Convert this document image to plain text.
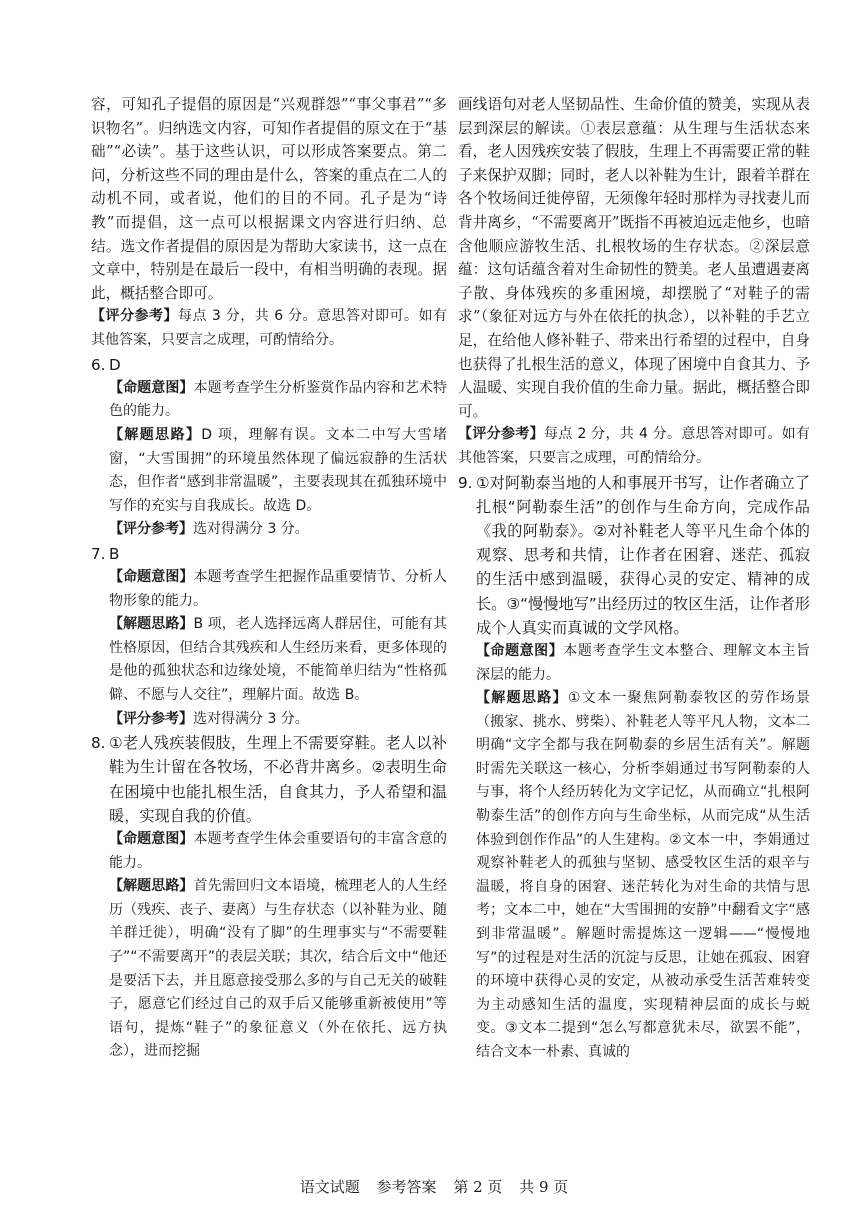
容，可知孔子提倡的原因是“兴观群怨”“事父事君”“多识物名”。归纳选文内容，可知作者提倡的原文在于“基础”“必读”。基于这些认识，可以形成答案要点。第二问，分析这些不同的理由是什么，答案的重点在二人的动机不同，或者说，他们的目的不同。孔子是为“诗教”而提倡，这一点可以根据课文内容进行归纳、总结。选文作者提倡的原因是为帮助大家读书，这一点在文章中，特别是在最后一段中，有相当明确的表现。据此，概括整合即可。

【评分参考】每点 3 分，共 6 分。意思答对即可。如有其他答案，只要言之成理，可酌情给分。

6. D

【命题意图】本题考查学生分析鉴赏作品内容和艺术特色的能力。

【解题思路】D 项，理解有误。文本二中写大雪堵窗，“大雪围拥”的环境虽然体现了偏远寂静的生活状态，但作者“感到非常温暖”，主要表现其在孤独环境中写作的充实与自我成长。故选 D。

【评分参考】选对得满分 3 分。

7. B

【命题意图】本题考查学生把握作品重要情节、分析人物形象的能力。

【解题思路】B 项，老人选择远离人群居住，可能有其性格原因，但结合其残疾和人生经历来看，更多体现的是他的孤独状态和边缘处境，不能简单归结为“性格孤僻、不愿与人交往”，理解片面。故选 B。

【评分参考】选对得满分 3 分。

8. ①老人残疾装假肢，生理上不需要穿鞋。老人以补鞋为生计留在各牧场，不必背井离乡。②表明生命在困境中也能扎根生活，自食其力，予人希望和温暖，实现自我的价值。

【命题意图】本题考查学生体会重要语句的丰富含意的能力。

【解题思路】首先需回归文本语境，梳理老人的人生经历（残疾、丧子、妻离）与生存状态（以补鞋为业、随羊群迁徙），明确“没有了脚”的生理事实与“不需要鞋子”“不需要离开”的表层关联；其次，结合后文中“他还是要活下去，并且愿意接受那么多的与自己无关的破鞋子，愿意它们经过自己的双手后又能够重新被使用”等语句，提炼“鞋子”的象征意义（外在依托、远方执念），进而挖掘

画线语句对老人坚韧品性、生命价值的赞美，实现从表层到深层的解读。①表层意蕴：从生理与生活状态来看，老人因残疾安装了假肢，生理上不再需要正常的鞋子来保护双脚；同时，老人以补鞋为生计，跟着羊群在各个牧场间迁徙停留，无须像年轻时那样为寻找妻儿而背井离乡，“不需要离开”既指不再被迫远走他乡，也暗含他顺应游牧生活、扎根牧场的生存状态。②深层意蕴：这句话蕴含着对生命韧性的赞美。老人虽遭遇妻离子散、身体残疾的多重困境，却摆脱了“对鞋子的需求”（象征对远方与外在依托的执念），以补鞋的手艺立足，在给他人修补鞋子、带来出行希望的过程中，自身也获得了扎根生活的意义，体现了困境中自食其力、予人温暖、实现自我价值的生命力量。据此，概括整合即可。

【评分参考】每点 2 分，共 4 分。意思答对即可。如有其他答案，只要言之成理，可酌情给分。

9. ①对阿勒泰当地的人和事展开书写，让作者确立了扎根“阿勒泰生活”的创作与生命方向，完成作品《我的阿勒泰》。②对补鞋老人等平凡生命个体的观察、思考和共情，让作者在困窘、迷茫、孤寂的生活中感到温暖，获得心灵的安定、精神的成长。③“慢慢地写”出经历过的牧区生活，让作者形成个人真实而真诚的文学风格。

【命题意图】本题考查学生文本整合、理解文本主旨深层的能力。

【解题思路】①文本一聚焦阿勒泰牧区的劳作场景（搬家、挑水、劈柴）、补鞋老人等平凡人物，文本二明确“文字全都与我在阿勒泰的乡居生活有关”。解题时需先关联这一核心，分析李娟通过书写阿勒泰的人与事，将个人经历转化为文字记忆，从而确立“扎根阿勒泰生活”的创作方向与生命坐标，从而完成“从生活体验到创作作品”的人生建构。②文本一中，李娟通过观察补鞋老人的孤独与坚韧、感受牧区生活的艰辛与温暖，将自身的困窘、迷茫转化为对生命的共情与思考；文本二中，她在“大雪围拥的安静”中翻看文字“感到非常温暖”。解题时需提炼这一逻辑——“慢慢地写”的过程是对生活的沉淀与反思，让她在孤寂、困窘的环境中获得心灵的安定，从被动承受生活苦难转变为主动感知生活的温度，实现精神层面的成长与蜕变。③文本二提到“怎么写都意犹未尽，欲罢不能”，结合文本一朴素、真诚的

语文试题 参考答案 第 2 页 共 9 页
